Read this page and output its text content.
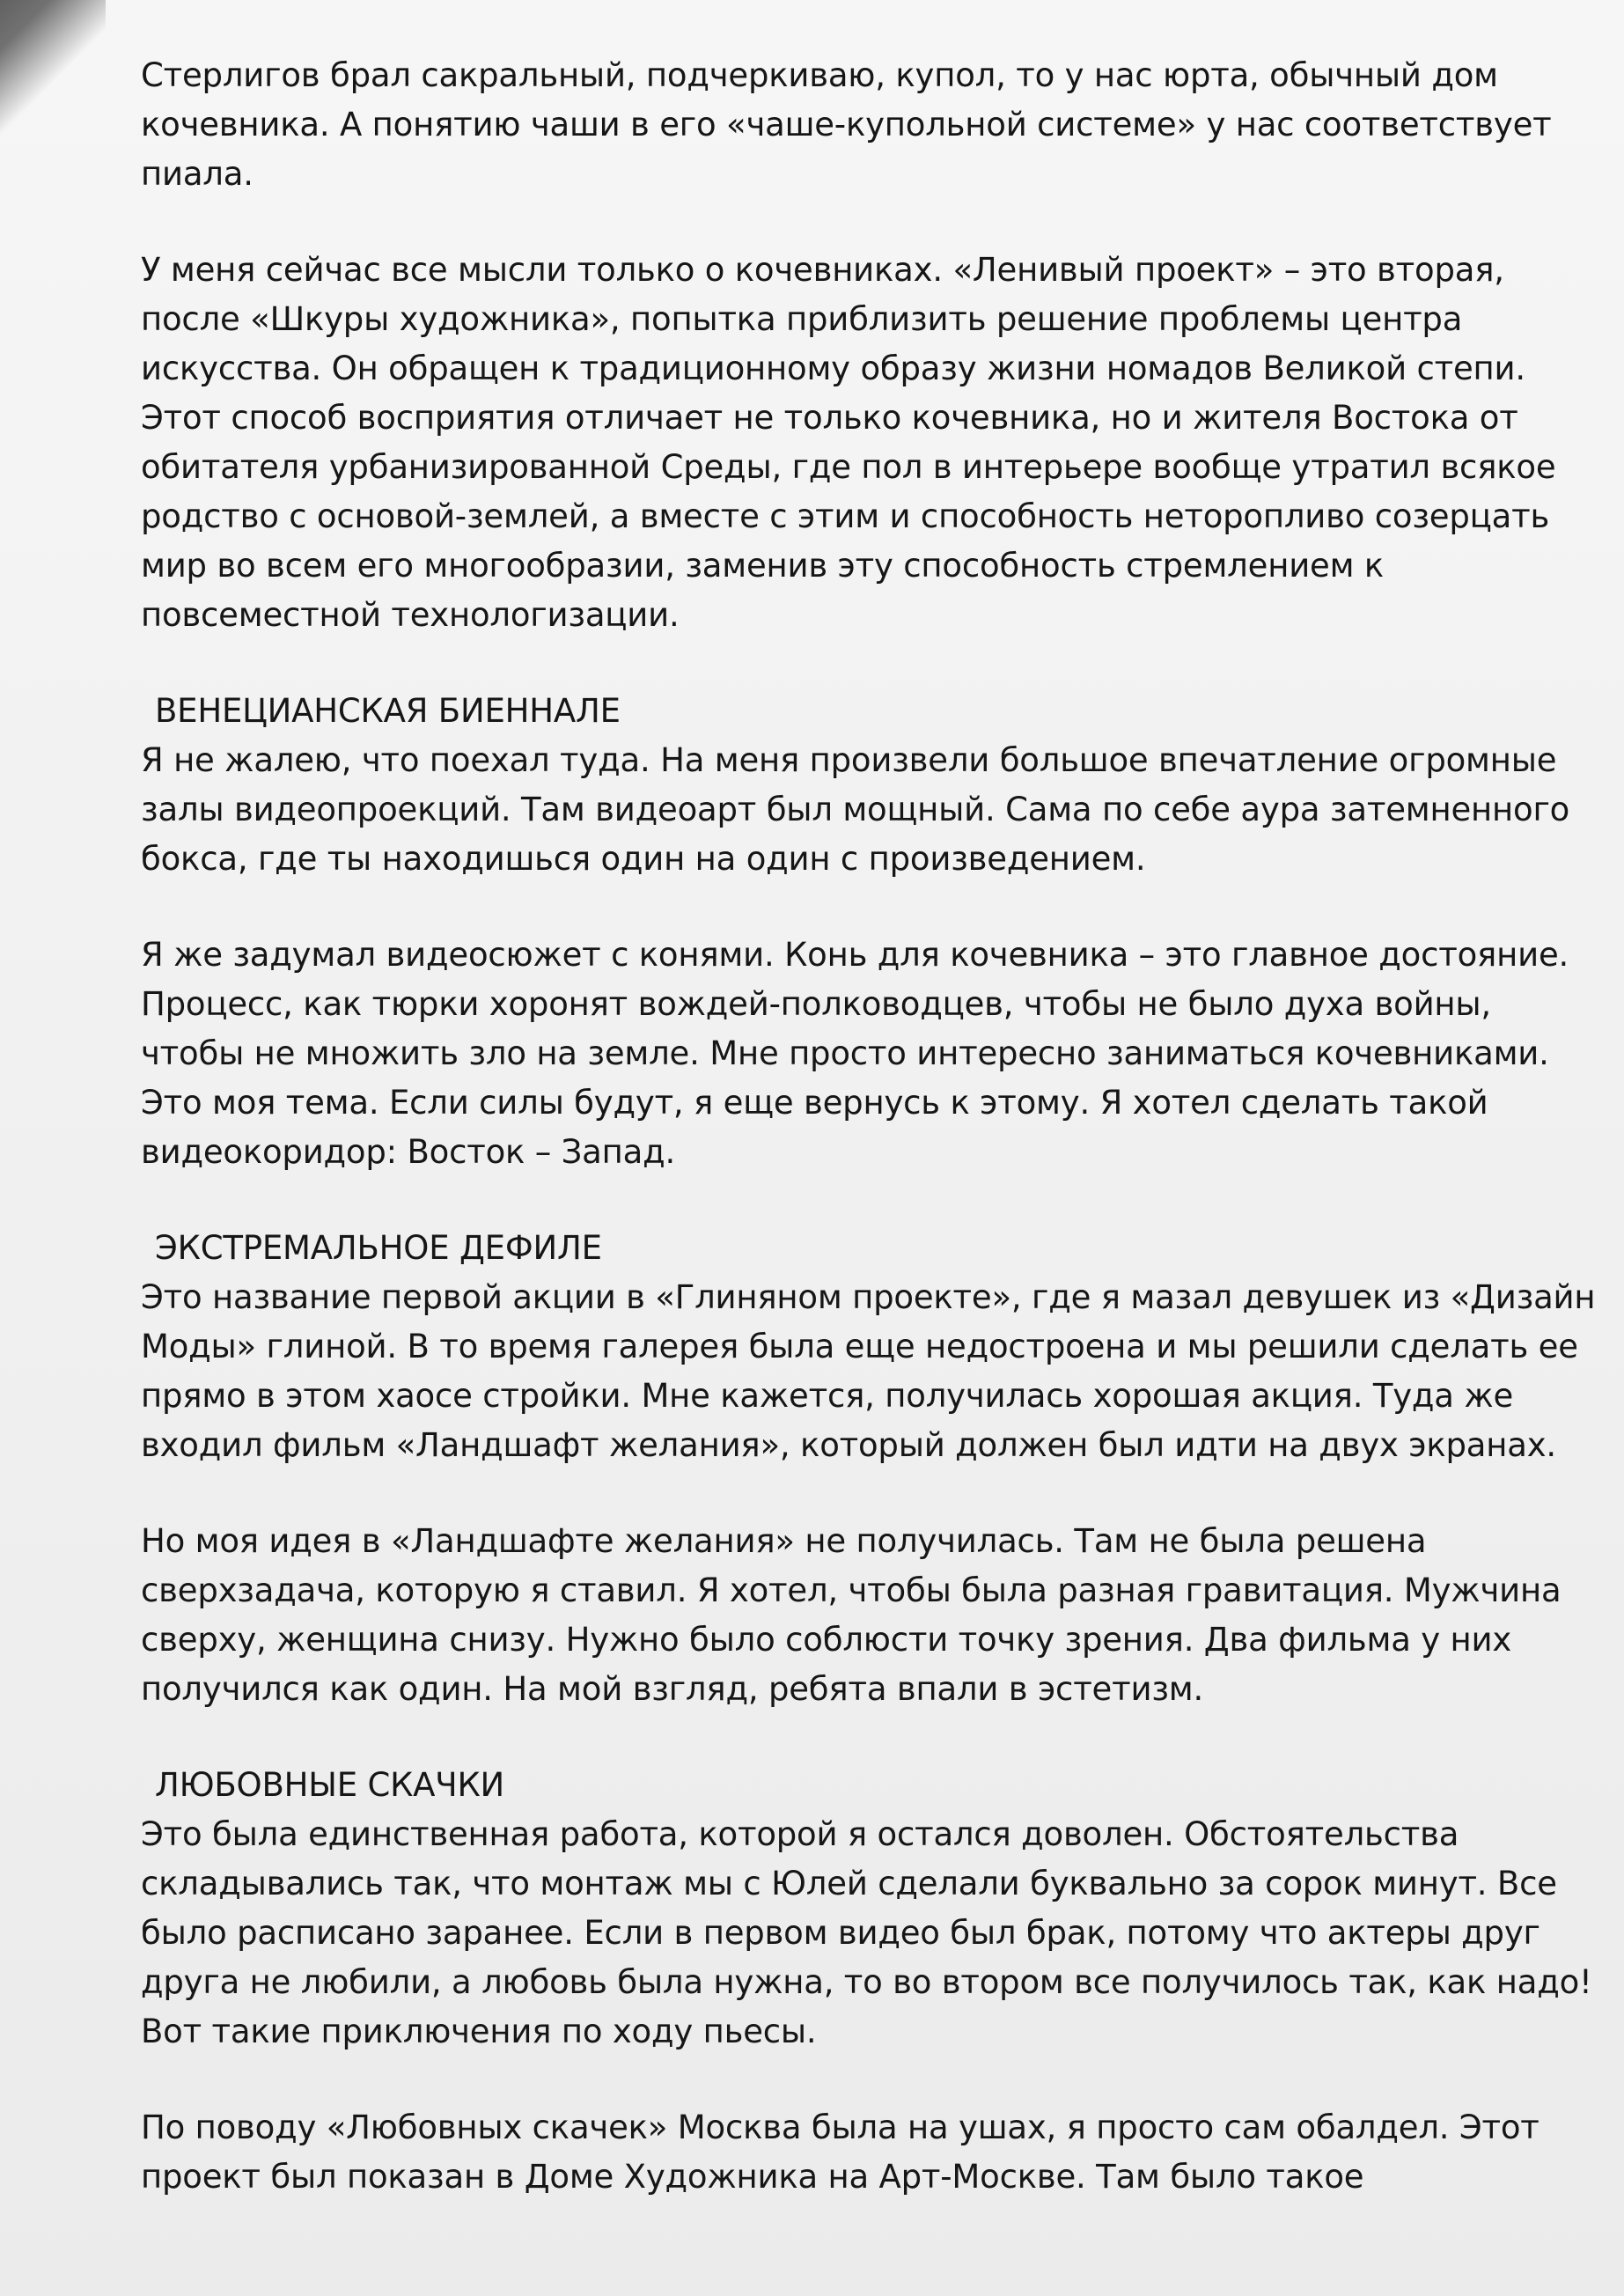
Стерлигов брал сакральный, подчеркиваю, купол, то у нас юрта, обычный дом
кочевника. А понятию чаши в его «чаше-купольной системе» у нас соответствует
пиала.
У меня сейчас все мысли только о кочевниках. «Ленивый проект» – это вторая,
после «Шкуры художника», попытка приблизить решение проблемы центра
искусства. Он обращен к традиционному образу жизни номадов Великой степи.
Этот способ восприятия отличает не только кочевника, но и жителя Востока от
обитателя урбанизированной Среды, где пол в интерьере вообще утратил всякое
родство с основой-землей, а вместе с этим и способность неторопливо созерцать
мир во всем его многообразии, заменив эту способность стремлением к
повсеместной технологизации.
ВЕНЕЦИАНСКАЯ БИЕННАЛЕ
Я не жалею, что поехал туда. На меня произвели большое впечатление огромные
залы видеопроекций. Там видеоарт был мощный. Сама по себе аура затемненного
бокса, где ты находишься один на один с произведением.
Я же задумал видеосюжет с конями. Конь для кочевника – это главное достояние.
Процесс, как тюрки хоронят вождей-полководцев, чтобы не было духа войны,
чтобы не множить зло на земле. Мне просто интересно заниматься кочевниками.
Это моя тема. Если силы будут, я еще вернусь к этому. Я хотел сделать такой
видеокоридор: Восток – Запад.
ЭКСТРЕМАЛЬНОЕ ДЕФИЛЕ
Это название первой акции в «Глиняном проекте», где я мазал девушек из «Дизайн
Моды» глиной. В то время галерея была еще недостроена и мы решили сделать ее
прямо в этом хаосе стройки. Мне кажется, получилась хорошая акция. Туда же
входил фильм «Ландшафт желания», который должен был идти на двух экранах.
Но моя идея в «Ландшафте желания» не получилась. Там не была решена
сверхзадача, которую я ставил. Я хотел, чтобы была разная гравитация. Мужчина
сверху, женщина снизу. Нужно было соблюсти точку зрения. Два фильма у них
получился как один. На мой взгляд, ребята впали в эстетизм.
ЛЮБОВНЫЕ СКАЧКИ
Это была единственная работа, которой я остался доволен. Обстоятельства
складывались так, что монтаж мы с Юлей сделали буквально за сорок минут. Все
было расписано заранее. Если в первом видео был брак, потому что актеры друг
друга не любили, а любовь была нужна, то во втором все получилось так, как надо!
Вот такие приключения по ходу пьесы.
По поводу «Любовных скачек» Москва была на ушах, я просто сам обалдел. Этот
проект был показан в Доме Художника на Арт-Москве. Там было такое
